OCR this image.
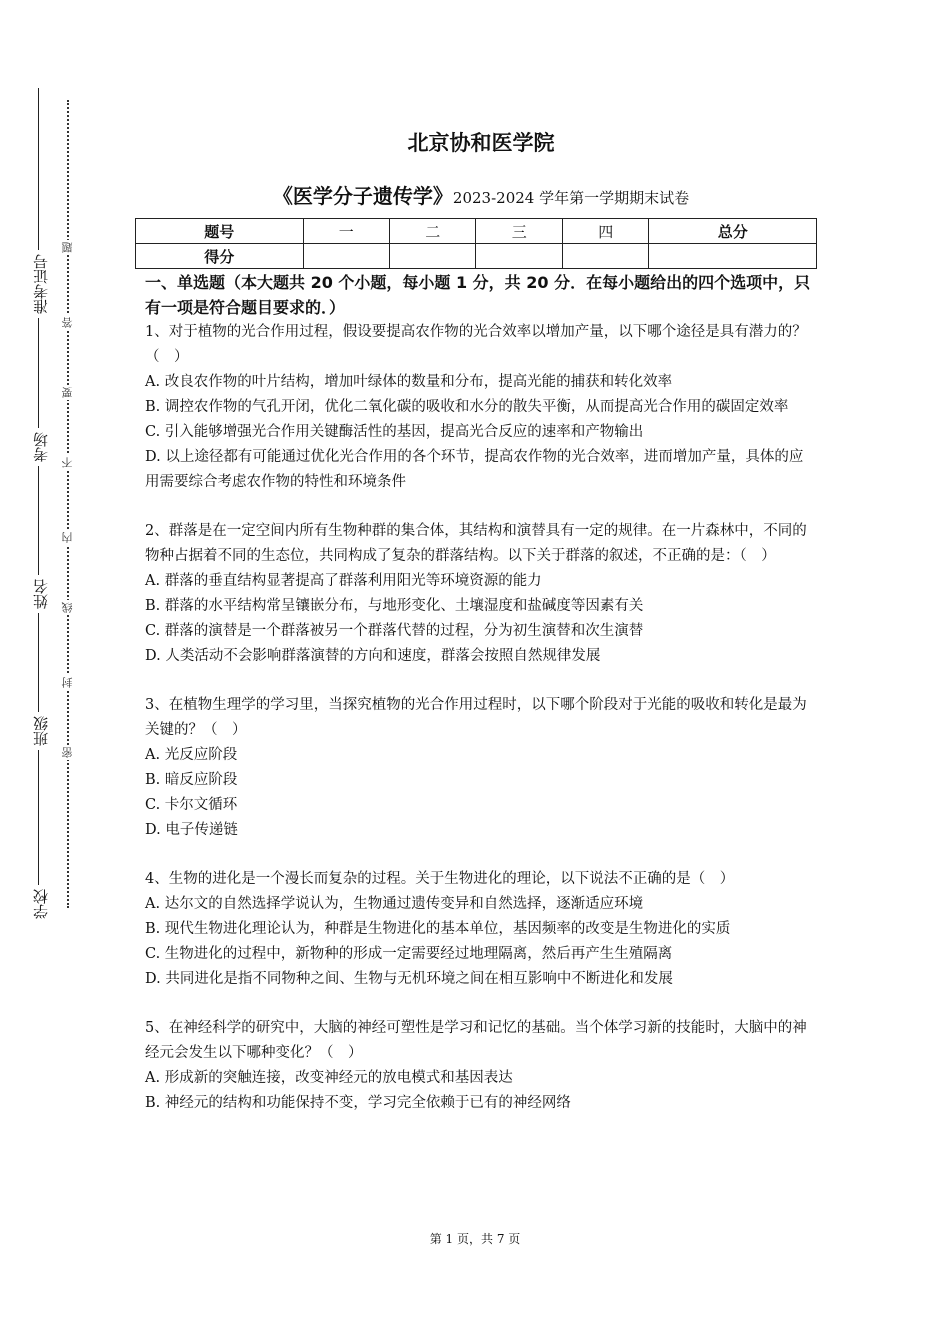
准考证号
考场
姓名
班级
学校
题
答
要
不
内
线
封
密
北京协和医学院
《医学分子遗传学》2023-2024 学年第一学期期末试卷
题号	一	二	三	四	总分
得分					
一、单选题（本大题共 20 个小题，每小题 1 分，共 20 分．在每小题给出的四个选项中，只有一项是符合题目要求的．）

1、对于植物的光合作用过程，假设要提高农作物的光合效率以增加产量，以下哪个途径是具有潜力的？（　）

A. 改良农作物的叶片结构，增加叶绿体的数量和分布，提高光能的捕获和转化效率

B. 调控农作物的气孔开闭，优化二氧化碳的吸收和水分的散失平衡，从而提高光合作用的碳固定效率

C. 引入能够增强光合作用关键酶活性的基因，提高光合反应的速率和产物输出

D. 以上途径都有可能通过优化光合作用的各个环节，提高农作物的光合效率，进而增加产量，具体的应用需要综合考虑农作物的特性和环境条件

2、群落是在一定空间内所有生物种群的集合体，其结构和演替具有一定的规律。在一片森林中，不同的物种占据着不同的生态位，共同构成了复杂的群落结构。以下关于群落的叙述，不正确的是：（　）

A. 群落的垂直结构显著提高了群落利用阳光等环境资源的能力

B. 群落的水平结构常呈镶嵌分布，与地形变化、土壤湿度和盐碱度等因素有关

C. 群落的演替是一个群落被另一个群落代替的过程，分为初生演替和次生演替

D. 人类活动不会影响群落演替的方向和速度，群落会按照自然规律发展

3、在植物生理学的学习里，当探究植物的光合作用过程时，以下哪个阶段对于光能的吸收和转化是最为关键的？（　）

A. 光反应阶段

B. 暗反应阶段

C. 卡尔文循环

D. 电子传递链

4、生物的进化是一个漫长而复杂的过程。关于生物进化的理论，以下说法不正确的是（　）

A. 达尔文的自然选择学说认为，生物通过遗传变异和自然选择，逐渐适应环境

B. 现代生物进化理论认为，种群是生物进化的基本单位，基因频率的改变是生物进化的实质

C. 生物进化的过程中，新物种的形成一定需要经过地理隔离，然后再产生生殖隔离

D. 共同进化是指不同物种之间、生物与无机环境之间在相互影响中不断进化和发展

5、在神经科学的研究中，大脑的神经可塑性是学习和记忆的基础。当个体学习新的技能时，大脑中的神经元会发生以下哪种变化？（　）

A. 形成新的突触连接，改变神经元的放电模式和基因表达

B. 神经元的结构和功能保持不变，学习完全依赖于已有的神经网络

第 1 页，共 7 页
